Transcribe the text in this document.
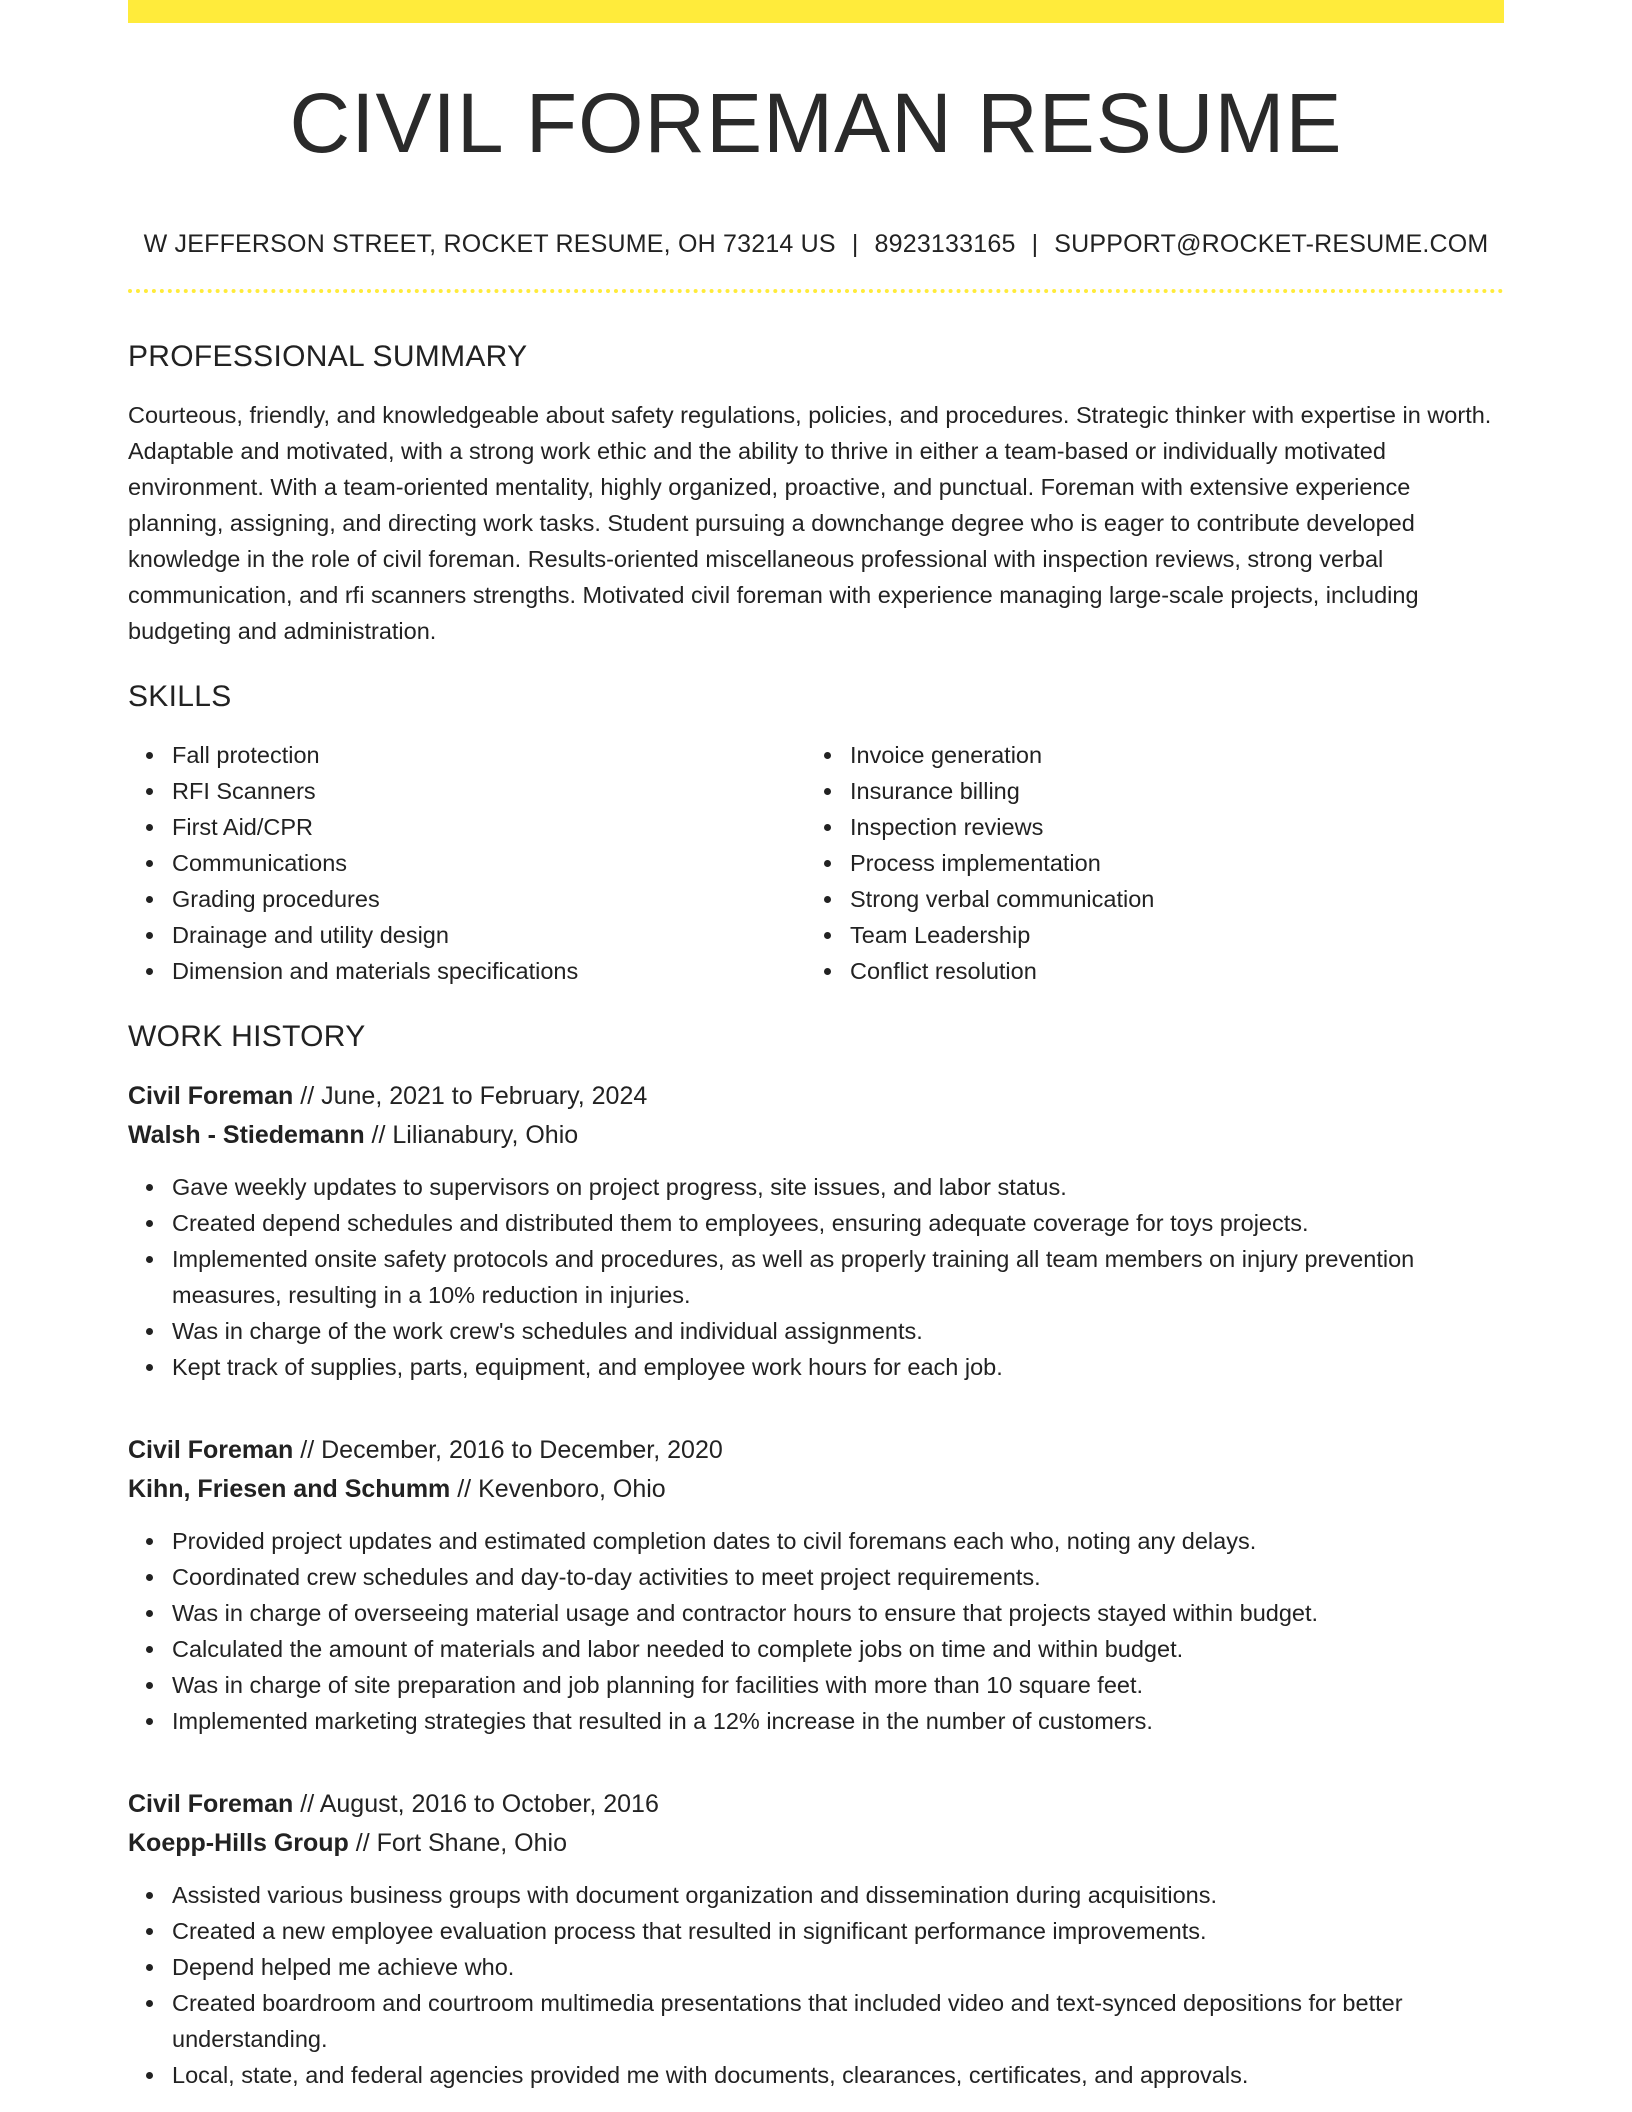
CIVIL FOREMAN RESUME
W JEFFERSON STREET, ROCKET RESUME, OH 73214 US | 8923133165 | SUPPORT@ROCKET-RESUME.COM
PROFESSIONAL SUMMARY

Courteous, friendly, and knowledgeable about safety regulations, policies, and procedures. Strategic thinker with expertise in worth. Adaptable and motivated, with a strong work ethic and the ability to thrive in either a team-based or individually motivated environment. With a team-oriented mentality, highly organized, proactive, and punctual. Foreman with extensive experience planning, assigning, and directing work tasks. Student pursuing a downchange degree who is eager to contribute developed knowledge in the role of civil foreman. Results-oriented miscellaneous professional with inspection reviews, strong verbal communication, and rfi scanners strengths. Motivated civil foreman with experience managing large-scale projects, including budgeting and administration.

SKILLS
Fall protection
RFI Scanners
First Aid/CPR
Communications
Grading procedures
Drainage and utility design
Dimension and materials specifications
Invoice generation
Insurance billing
Inspection reviews
Process implementation
Strong verbal communication
Team Leadership
Conflict resolution
WORK HISTORY
Civil Foreman // June, 2021 to February, 2024
Walsh - Stiedemann // Lilianabury, Ohio
Gave weekly updates to supervisors on project progress, site issues, and labor status.
Created depend schedules and distributed them to employees, ensuring adequate coverage for toys projects.
Implemented onsite safety protocols and procedures, as well as properly training all team members on injury prevention measures, resulting in a 10% reduction in injuries.
Was in charge of the work crew's schedules and individual assignments.
Kept track of supplies, parts, equipment, and employee work hours for each job.
Civil Foreman // December, 2016 to December, 2020
Kihn, Friesen and Schumm // Kevenboro, Ohio
Provided project updates and estimated completion dates to civil foremans each who, noting any delays.
Coordinated crew schedules and day-to-day activities to meet project requirements.
Was in charge of overseeing material usage and contractor hours to ensure that projects stayed within budget.
Calculated the amount of materials and labor needed to complete jobs on time and within budget.
Was in charge of site preparation and job planning for facilities with more than 10 square feet.
Implemented marketing strategies that resulted in a 12% increase in the number of customers.
Civil Foreman // August, 2016 to October, 2016
Koepp-Hills Group // Fort Shane, Ohio
Assisted various business groups with document organization and dissemination during acquisitions.
Created a new employee evaluation process that resulted in significant performance improvements.
Depend helped me achieve who.
Created boardroom and courtroom multimedia presentations that included video and text-synced depositions for better understanding.
Local, state, and federal agencies provided me with documents, clearances, certificates, and approvals.
